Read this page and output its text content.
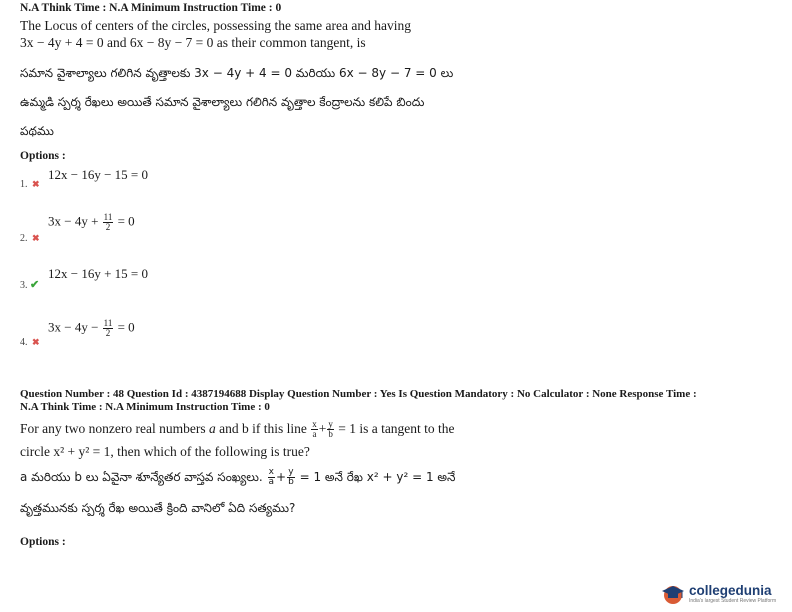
N.A Think Time : N.A Minimum Instruction Time : 0
The Locus of centers of the circles, possessing the same area and having
3x − 4y + 4 = 0 and 6x − 8y − 7 = 0 as their common tangent, is
సమాన వైశాల్యాలు గలిగిన వృత్తాలకు 3x − 4y + 4 = 0 మరియు 6x − 8y − 7 = 0 లు
ఉమ్మడి స్పర్శ రేఖలు అయితే సమాన వైశాల్యాలు గలిగిన వృత్తాల కేంద్రాలను కలిపే బిందు
పథము
Options :
12x − 16y − 15 = 0
1. ✖
$3x - 4y + \frac{11}{2} = 0$
2. ✖
12x − 16y + 15 = 0
3. ✔
$3x - 4y - \frac{11}{2} = 0$
4. ✖
Question Number : 48 Question Id : 4387194688 Display Question Number : Yes Is Question Mandatory : No Calculator : None Response Time :
N.A Think Time : N.A Minimum Instruction Time : 0
For any two nonzero real numbers a and b if this line $\frac{x}{a} + \frac{y}{b} = 1$ is a tangent to the
circle x² + y² = 1, then which of the following is true?
a మరియు b లు ఏవైనా శూన్యేతర వాస్తవ సంఖ్యలు. $\frac{x}{a} + \frac{y}{b} = 1$ అనే రేఖ x² + y² = 1 అనే
వృత్తమునకు స్పర్శ రేఖ అయితే క్రింది వానిలో ఏది సత్యము?
Options :
collegedunia
India's largest Student Review Platform
